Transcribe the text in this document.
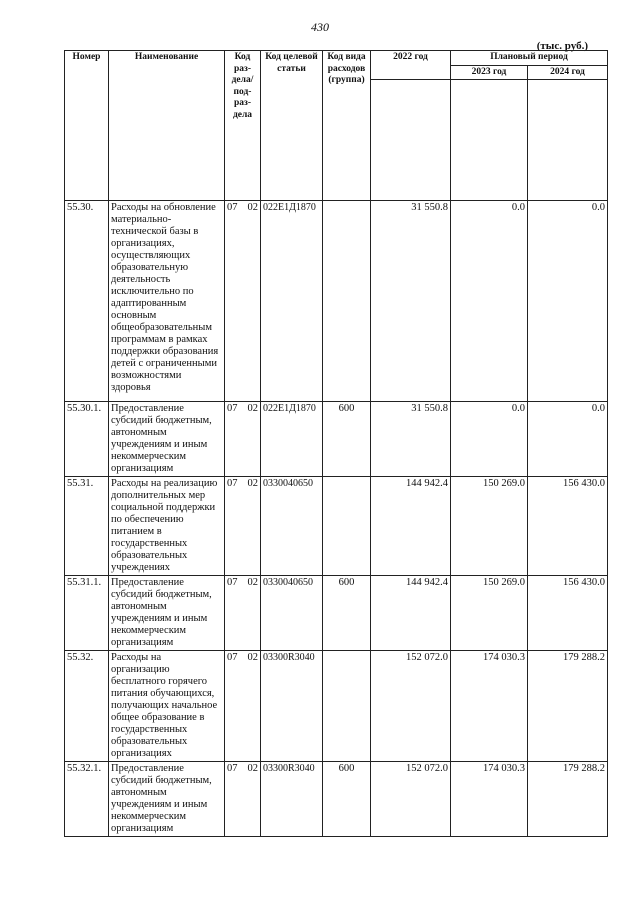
430
(тыс. руб.)
Номер	Наименование	Код раз-дела/ под-раз-дела	Код целевой статьи	Код вида расходов (группа)	2022 год	Плановый период	
						2023 год	2024 год

55.30.	Расходы на обновление материально-технической базы в организациях, осуществляющих образовательную деятельность исключительно по адаптированным основным общеобразовательным программам в рамках поддержки образования детей с ограниченными возможностями здоровья	07 02	022Е1Д1870		31 550.8	0.0	0.0
55.30.1.	Предоставление субсидий бюджетным, автономным учреждениям и иным некоммерческим организациям	07 02	022Е1Д1870	600	31 550.8	0.0	0.0
55.31.	Расходы на реализацию дополнительных мер социальной поддержки по обеспечению питанием в государственных образовательных учреждениях	07 02	0330040650		144 942.4	150 269.0	156 430.0
55.31.1.	Предоставление субсидий бюджетным, автономным учреждениям и иным некоммерческим организациям	07 02	0330040650	600	144 942.4	150 269.0	156 430.0
55.32.	Расходы на организацию бесплатного горячего питания обучающихся, получающих начальное общее образование в государственных образовательных организациях	07 02	03300R3040		152 072.0	174 030.3	179 288.2
55.32.1.	Предоставление субсидий бюджетным, автономным учреждениям и иным некоммерческим организациям	07 02	03300R3040	600	152 072.0	174 030.3	179 288.2
